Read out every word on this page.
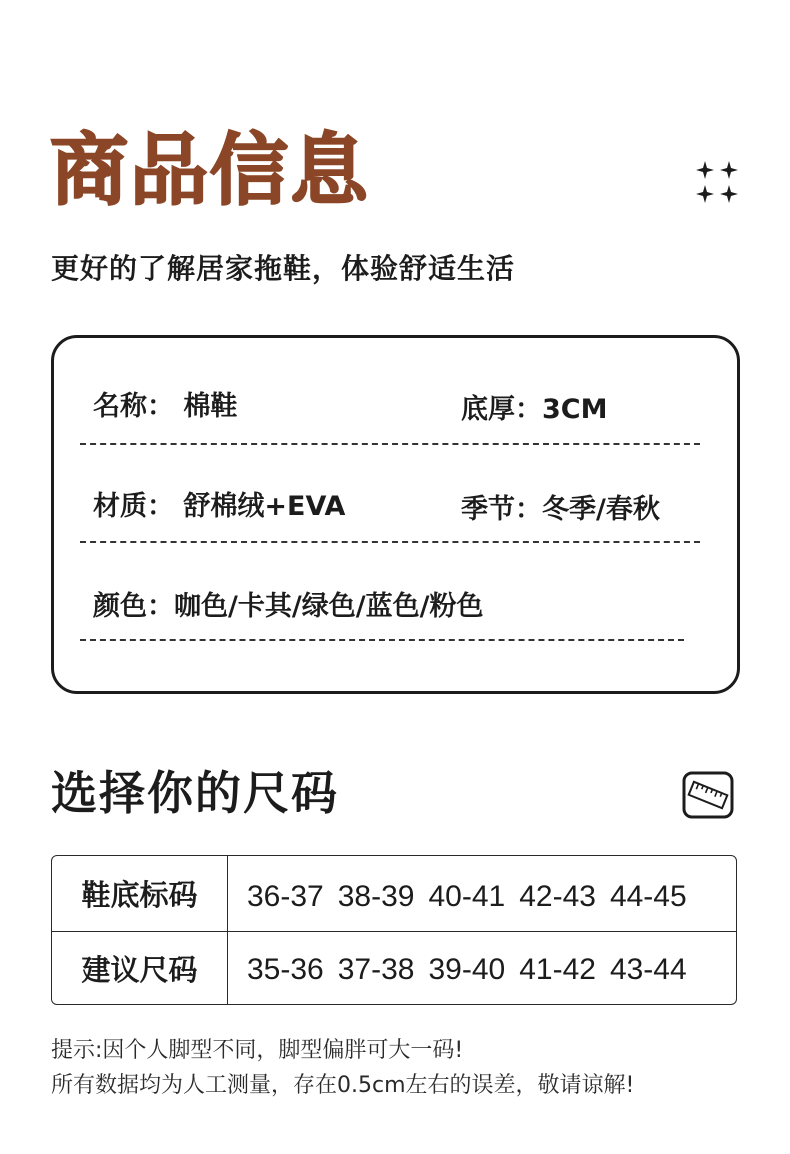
商品信息

更好的了解居家拖鞋，体验舒适生活

名称： 棉鞋	底厚：3CM
材质： 舒棉绒+EVA	季节：冬季/春秋
颜色：咖色/卡其/绿色/蓝色/粉色
选择你的尺码
鞋底标码	36-37 38-39 40-41 42-43 44-45
建议尺码	35-36 37-38 39-40 41-42 43-44

提示:因个人脚型不同，脚型偏胖可大一码!

所有数据均为人工测量，存在0.5cm左右的误差，敬请谅解!
